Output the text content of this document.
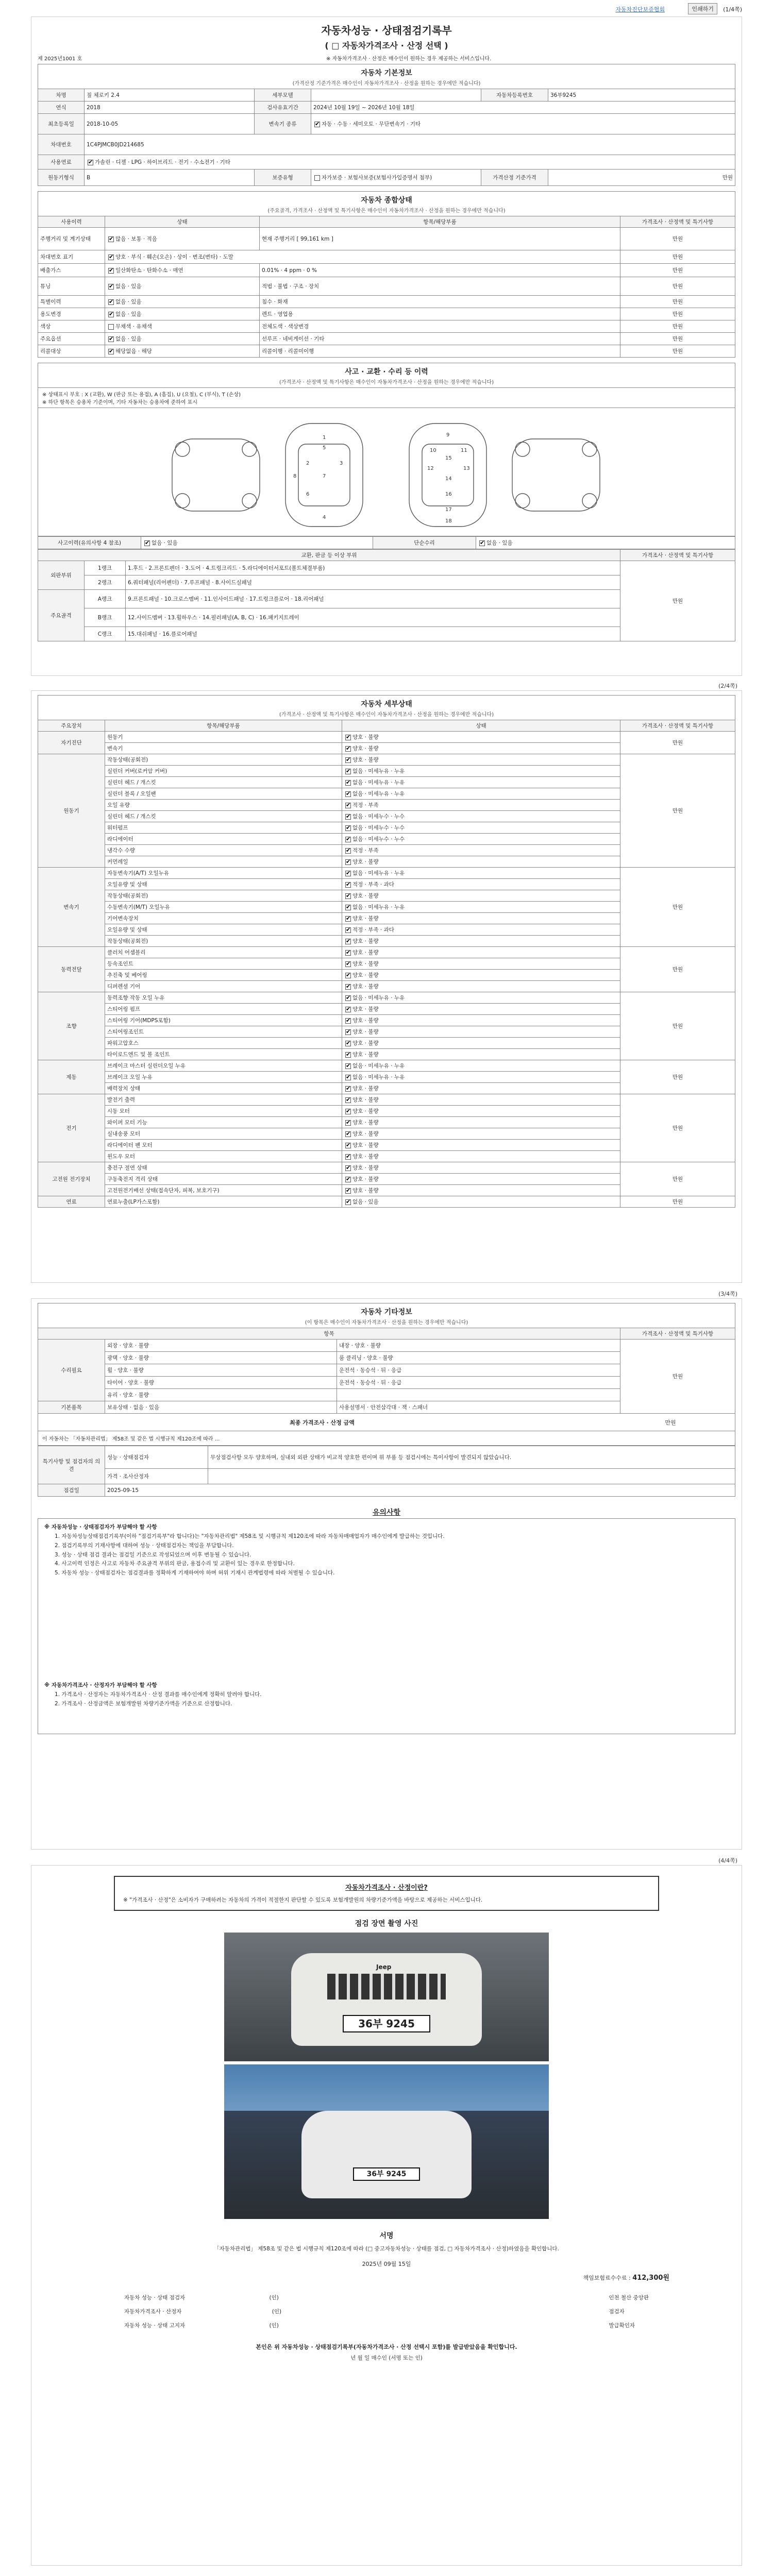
자동차진단보증협회	인쇄하기	(1/4쪽)
자동차성능 · 상태점검기록부
( □ 자동차가격조사 · 산정 선택 )
제 2025년1001 호	※ 자동차가격조사 · 산정은 매수인이 원하는 경우 제공하는 서비스입니다.
자동차 기본정보
(가격산정 기준가격은 매수인이 자동차가격조사 · 산정을 원하는 경우에만 적습니다)
차명	짚 체로키 2.4	세부모델		자동차등록번호	36부9245
연식	2018	검사유효기간	2024년 10월 19일 ~ 2026년 10월 18일		
최초등록일	2018-10-05	변속기 종류	✔자동 · 수동 · 세미오토 · 무단변속기 · 기타
차대번호	1C4PJMCB0JD214685				
사용연료	✔가솔린 · 디젤 · LPG · 하이브리드 · 전기 · 수소전기 · 기타
원동기형식	B	보증유형	자가보증 · 보험사보증(보험사가입증명서 첨부)	가격산정 기준가격	만원
자동차 종합상태
(주요골격, 가격조사 · 산정액 및 특기사항은 매수인이 자동차가격조사 · 산정을 원하는 경우에만 적습니다)
사용이력	상태	항목/해당부품	가격조사 · 산정액 및 특기사항
주행거리 및 계기상태	✔많음 · 보통 · 적음	현재 주행거리 [ 99,161 km ]	만원
차대번호 표기	✔양호 · 부식 · 훼손(오손) · 상이 · 변조(변타) · 도말		만원
배출가스	✔일산화탄소 · 탄화수소 · 매연	0.01% · 4 ppm · 0 %	만원
튜닝	✔없음 · 있음	적법 · 불법 · 구조 · 장치	만원
특별이력	✔없음 · 있음	침수 · 화재	만원
용도변경	✔없음 · 있음	렌트 · 영업용	만원
색상	무채색 · 유채색	전체도색 · 색상변경	만원
주요옵션	✔없음 · 있음	선루프 · 네비게이션 · 기타	만원
리콜대상	✔해당없음 · 해당	리콜이행 · 리콜미이행	만원
사고 · 교환 · 수리 등 이력
(가격조사 · 산정액 및 특기사항은 매수인이 자동차가격조사 · 산정을 원하는 경우에만 적습니다)
※ 상태표시 부호 : X (교환), W (판금 또는 용접), A (흠집), U (요철), C (부식), T (손상)
※ 하단 항목은 승용차 기준이며, 기타 자동차는 승용차에 준하여 표시
1
2	3
4
5
6
7
8
9
10	11
12	13
14
15
16
17
18
사고이력(유의사항 4 참조)	✔없음 · 있음	단순수리	✔없음 · 있음
교환, 판금 등 이상 부위			가격조사 · 산정액 및 특기사항
외판부위	1랭크	1.후드 · 2.프론트펜더 · 3.도어 · 4.트렁크리드 · 5.라디에이터서포트(볼트체결부품)	만원
	2랭크	6.쿼터패널(리어펜더) · 7.루프패널 · 8.사이드실패널	
주요골격	A랭크	9.프론트패널 · 10.크로스멤버 · 11.인사이드패널 · 17.트렁크플로어 · 18.리어패널	
	B랭크	12.사이드멤버 · 13.휠하우스 · 14.필러패널(A, B, C) · 16.패키지트레이	
	C랭크	15.대쉬패널 · 16.플로어패널	
(2/4쪽)
자동차 세부상태
(가격조사 · 산정액 및 특기사항은 매수인이 자동차가격조사 · 산정을 원하는 경우에만 적습니다)
주요장치	항목/해당부품	상태	가격조사 · 산정액 및 특기사항
자기진단	원동기	✔양호 · 불량	만원
	변속기	✔양호 · 불량
원동기	작동상태(공회전)	✔양호 · 불량	만원
	실린더 커버(로커암 커버)	✔없음 · 미세누유 · 누유
	실린더 헤드 / 개스킷	✔없음 · 미세누유 · 누유
	실린더 블록 / 오일팬	✔없음 · 미세누유 · 누유
	오일 유량	✔적정 · 부족
	실린더 헤드 / 개스킷	✔없음 · 미세누수 · 누수
	워터펌프	✔없음 · 미세누수 · 누수
	라디에이터	✔없음 · 미세누수 · 누수
	냉각수 수량	✔적정 · 부족
	커먼레일	✔양호 · 불량
변속기	자동변속기(A/T) 오일누유	✔없음 · 미세누유 · 누유	만원
	오일유량 및 상태	✔적정 · 부족 · 과다
	작동상태(공회전)	✔양호 · 불량
	수동변속기(M/T) 오일누유	✔없음 · 미세누유 · 누유
	기어변속장치	✔양호 · 불량
	오일유량 및 상태	✔적정 · 부족 · 과다
	작동상태(공회전)	✔양호 · 불량
동력전달	클러치 어셈블리	✔양호 · 불량	만원
	등속조인트	✔양호 · 불량
	추진축 및 베어링	✔양호 · 불량
	디퍼렌셜 기어	✔양호 · 불량
조향	동력조향 작동 오일 누유	✔없음 · 미세누유 · 누유	만원
	스티어링 펌프	✔양호 · 불량
	스티어링 기어(MDPS포함)	✔양호 · 불량
	스티어링조인트	✔양호 · 불량
	파워고압호스	✔양호 · 불량
	타이로드엔드 및 볼 조인트	✔양호 · 불량
제동	브레이크 마스터 실린더오일 누유	✔없음 · 미세누유 · 누유	만원
	브레이크 오일 누유	✔없음 · 미세누유 · 누유
	배력장치 상태	✔양호 · 불량
전기	발전기 출력	✔양호 · 불량	만원
	시동 모터	✔양호 · 불량
	와이퍼 모터 기능	✔양호 · 불량
	실내송풍 모터	✔양호 · 불량
	라디에이터 팬 모터	✔양호 · 불량
	윈도우 모터	✔양호 · 불량
고전원 전기장치	충전구 절연 상태	✔양호 · 불량	만원
	구동축전지 격리 상태	✔양호 · 불량
	고전원전기배선 상태(접속단자, 피복, 보호기구)	✔양호 · 불량
연료	연료누출(LP가스포함)	✔없음 · 있음	만원
(3/4쪽)
자동차 기타정보
(이 항목은 매수인이 자동차가격조사 · 산정을 원하는 경우에만 적습니다)
항목			가격조사 · 산정액 및 특기사항
수리필요	외장 · 양호 · 불량	내장 · 양호 · 불량	만원
	광택 · 양호 · 불량	룸 클리닝 · 양호 · 불량	
	휠 · 양호 · 불량	운전석 · 동승석 · 뒤 · 응급	
	타이어 · 양호 · 불량	운전석 · 동승석 · 뒤 · 응급	
	유리 · 양호 · 불량		
기본품목	보유상태 · 없음 · 있음	사용설명서 · 안전삼각대 · 잭 · 스패너	
최종 가격조사 · 산정 금액	만원
이 자동차는 「자동차관리법」 제58조 및 같은 법 시행규칙 제120조에 따라 ...
특기사항 및 점검자의 의견	성능 · 상태점검자	무상점검사항 모두 양호하며, 실내외 외판 상태가 비교적 양호한 편이며 위 부품 등 점검시에는 특이사항이 발견되지 않았습니다.
	가격 · 조사산정자	
점검일	2025-09-15	
유의사항
※ 자동차성능 · 상태점검자가 부담해야 할 사항
1. 자동차성능상태점검기록부(이하 "점검기록부"라 합니다)는 "자동차관리법" 제58조 및 시행규칙 제120조에 따라 자동차매매업자가 매수인에게 발급하는 것입니다.
2. 점검기록부의 기재사항에 대하여 성능 · 상태점검자는 책임을 부담합니다.
3. 성능 · 상태 점검 결과는 점검일 기준으로 작성되었으며 이후 변동될 수 있습니다.
4. 사고이력 인정은 사고로 자동차 주요골격 부위의 판금, 용접수리 및 교환이 있는 경우로 한정합니다.
5. 자동차 성능 · 상태점검자는 점검결과를 정확하게 기재하여야 하며 허위 기재시 관계법령에 따라 처벌될 수 있습니다.
※ 자동차가격조사 · 산정자가 부담해야 할 사항
1. 가격조사 · 산정자는 자동차가격조사 · 산정 결과를 매수인에게 정확히 알려야 합니다.
2. 가격조사 · 산정금액은 보험개발원 차량기준가액을 기준으로 산정합니다.
(4/4쪽)
자동차가격조사 · 산정이란?
※ "가격조사 · 산정"은 소비자가 구매하려는 자동차의 가격이 적절한지 판단할 수 있도록 보험개발원의 차량기준가액을 바탕으로 제공하는 서비스입니다.
점검 장면 촬영 사진
Jeep
36부 9245
36부 9245
서명
「자동차관리법」 제58조 및 같은 법 시행규칙 제120조에 따라 (□ 중고자동차성능 · 상태를 점검, □ 자동차가격조사 · 산정)하였음을 확인합니다.
2025년 09월 15일
책임보험료수수료 : 412,300원
자동차 성능 · 상태 점검자	(인)
자동차가격조사 · 산정자	(인)
자동차 성능 · 상태 고지자	(인)
인천 철산 중앙판
점검자
발급확인자
본인은 위 자동차성능 · 상태점검기록부(자동차가격조사 · 산정 선택시 포함)를 발급받았음을 확인합니다.
년 월 일 매수인 (서명 또는 인)
